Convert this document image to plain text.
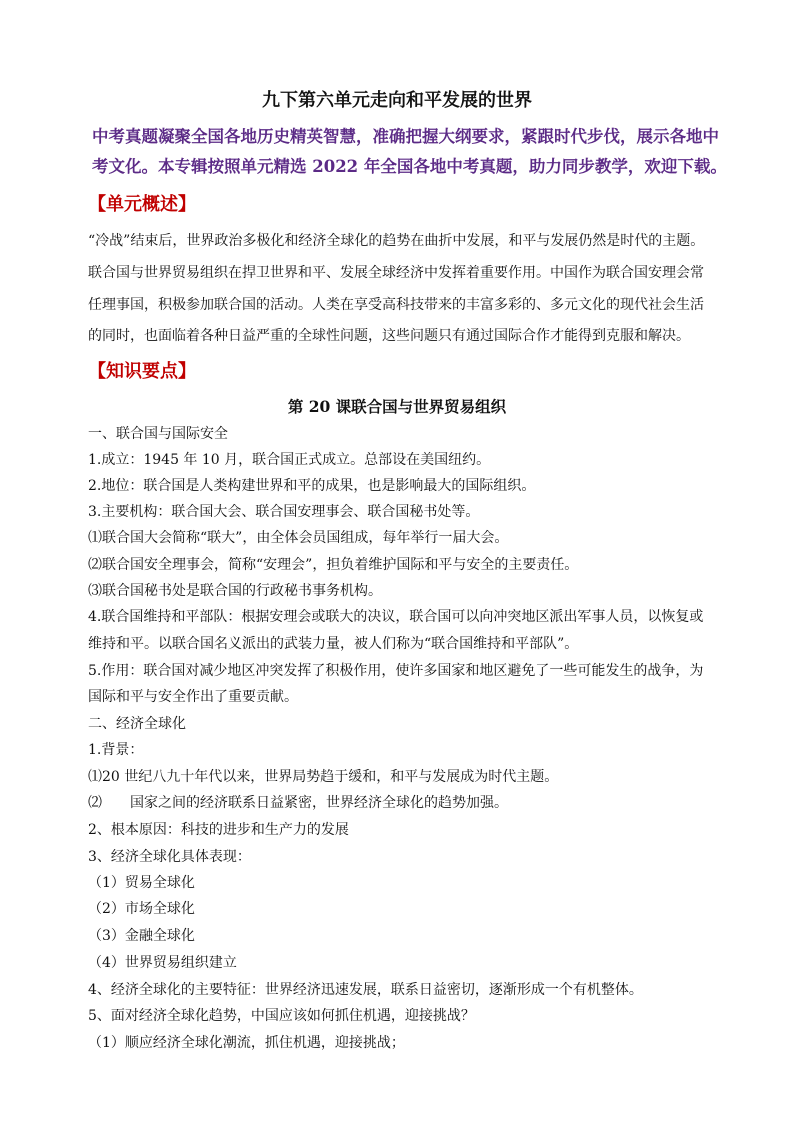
九下第六单元走向和平发展的世界
中考真题凝聚全国各地历史精英智慧，准确把握大纲要求，紧跟时代步伐，展示各地中
考文化。本专辑按照单元精选 2022 年全国各地中考真题，助力同步教学，欢迎下载。
【单元概述】
“冷战”结束后，世界政治多极化和经济全球化的趋势在曲折中发展，和平与发展仍然是时代的主题。
联合国与世界贸易组织在捍卫世界和平、发展全球经济中发挥着重要作用。中国作为联合国安理会常
任理事国，积极参加联合国的活动。人类在享受高科技带来的丰富多彩的、多元文化的现代社会生活
的同时，也面临着各种日益严重的全球性问题，这些问题只有通过国际合作才能得到克服和解决。
【知识要点】
第 20 课联合国与世界贸易组织
一、联合国与国际安全
1.成立：1945 年 10 月，联合国正式成立。总部设在美国纽约。
2.地位：联合国是人类构建世界和平的成果，也是影响最大的国际组织。
3.主要机构：联合国大会、联合国安理事会、联合国秘书处等。
⑴联合国大会简称“联大”，由全体会员国组成，每年举行一届大会。
⑵联合国安全理事会，简称“安理会”，担负着维护国际和平与安全的主要责任。
⑶联合国秘书处是联合国的行政秘书事务机构。
4.联合国维持和平部队：根据安理会或联大的决议，联合国可以向冲突地区派出军事人员，以恢复或
维持和平。以联合国名义派出的武装力量，被人们称为“联合国维持和平部队”。
5.作用：联合国对减少地区冲突发挥了积极作用，使许多国家和地区避免了一些可能发生的战争，为
国际和平与安全作出了重要贡献。
二、经济全球化
1.背景：
⑴20 世纪八九十年代以来，世界局势趋于缓和，和平与发展成为时代主题。
⑵　　国家之间的经济联系日益紧密，世界经济全球化的趋势加强。
2、根本原因：科技的进步和生产力的发展
3、经济全球化具体表现：
（1）贸易全球化
（2）市场全球化
（3）金融全球化
（4）世界贸易组织建立
4、经济全球化的主要特征：世界经济迅速发展，联系日益密切，逐渐形成一个有机整体。
5、面对经济全球化趋势，中国应该如何抓住机遇，迎接挑战？
（1）顺应经济全球化潮流，抓住机遇，迎接挑战；
